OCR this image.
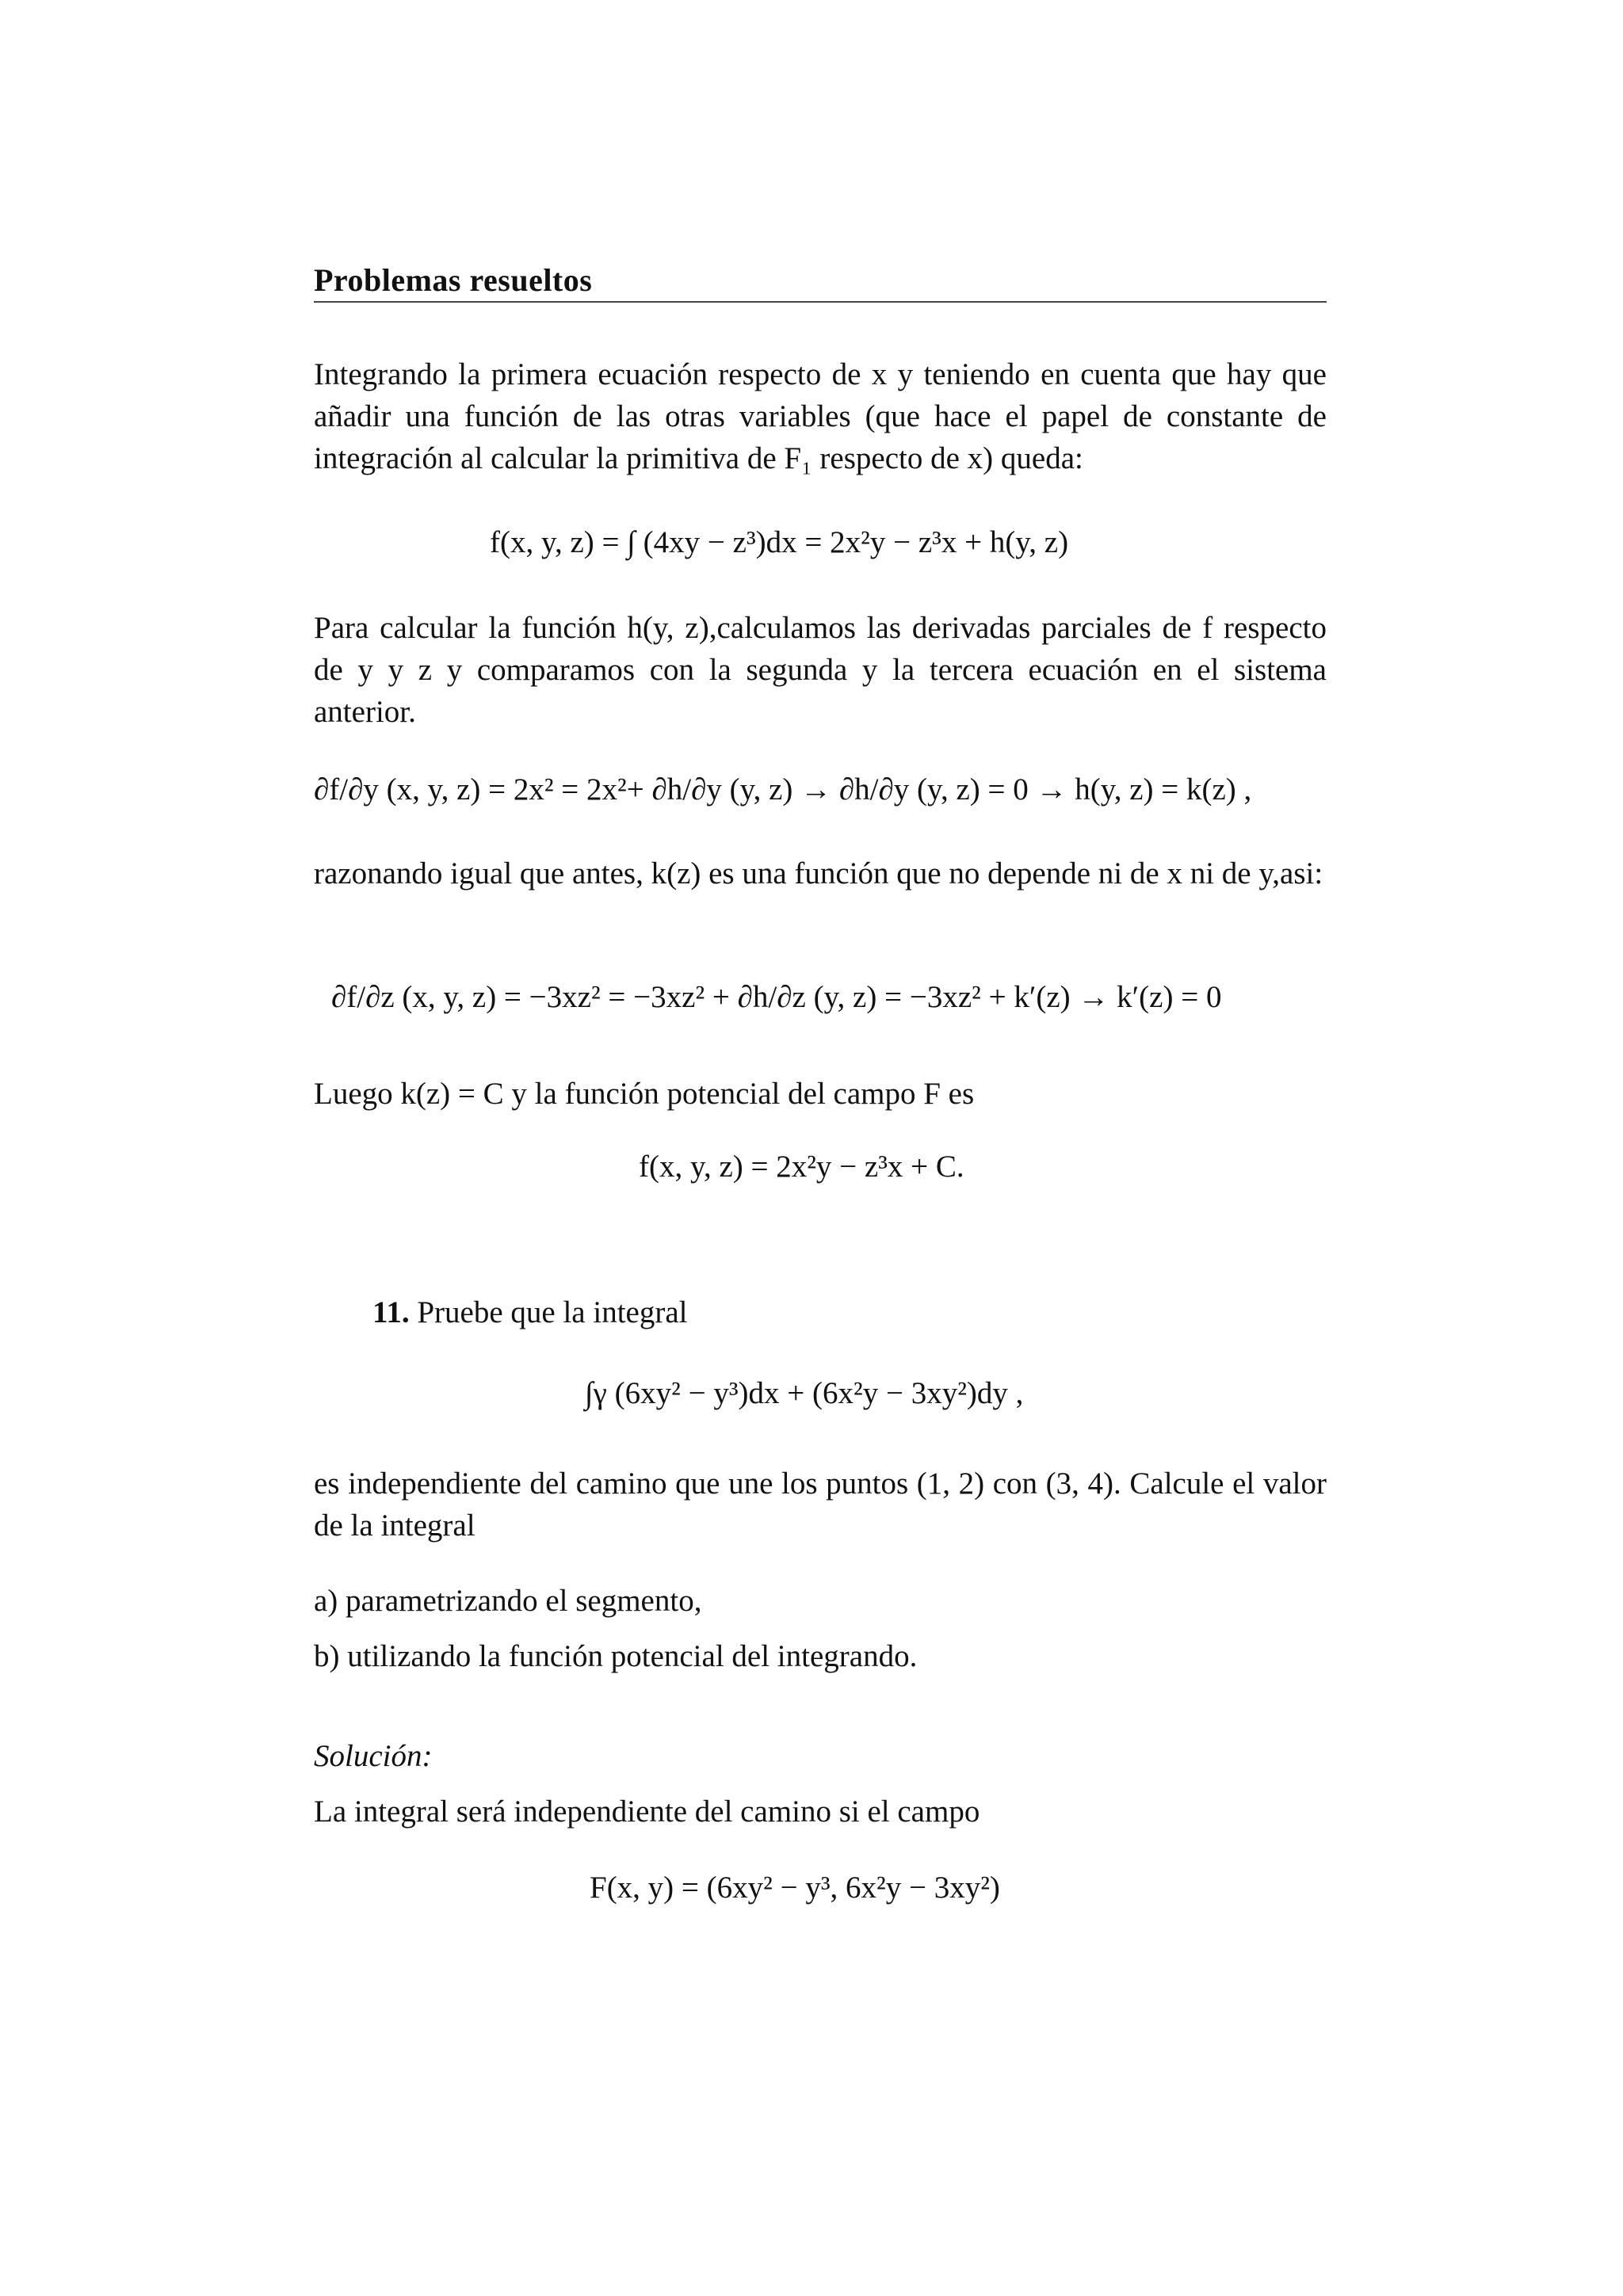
Problemas resueltos

Integrando la primera ecuación respecto de x y teniendo en cuenta que hay que añadir una función de las otras variables (que hace el papel de constante de integración al calcular la primitiva de F₁ respecto de x) queda:

f(x, y, z) = ∫ (4xy − z³)dx = 2x²y − z³x + h(y, z)

Para calcular la función h(y, z),calculamos las derivadas parciales de f respecto de y y z y comparamos con la segunda y la tercera ecuación en el sistema anterior.

∂f/∂y (x, y, z) = 2x² = 2x²+ ∂h/∂y (y, z) → ∂h/∂y (y, z) = 0 → h(y, z) = k(z) ,

razonando igual que antes, k(z) es una función que no depende ni de x ni de y,asi:

∂f/∂z (x, y, z) = −3xz² = −3xz² + ∂h/∂z (y, z) = −3xz² + k′(z) → k′(z) = 0
Luego k(z) = C y la función potencial del campo F es
f(x, y, z) = 2x²y − z³x + C.
11. Pruebe que la integral
∫γ (6xy² − y³)dx + (6x²y − 3xy²)dy ,

es independiente del camino que une los puntos (1, 2) con (3, 4). Calcule el valor de la integral

a) parametrizando el segmento,
b) utilizando la función potencial del integrando.
Solución:
La integral será independiente del camino si el campo
F(x, y) = (6xy² − y³, 6x²y − 3xy²)
